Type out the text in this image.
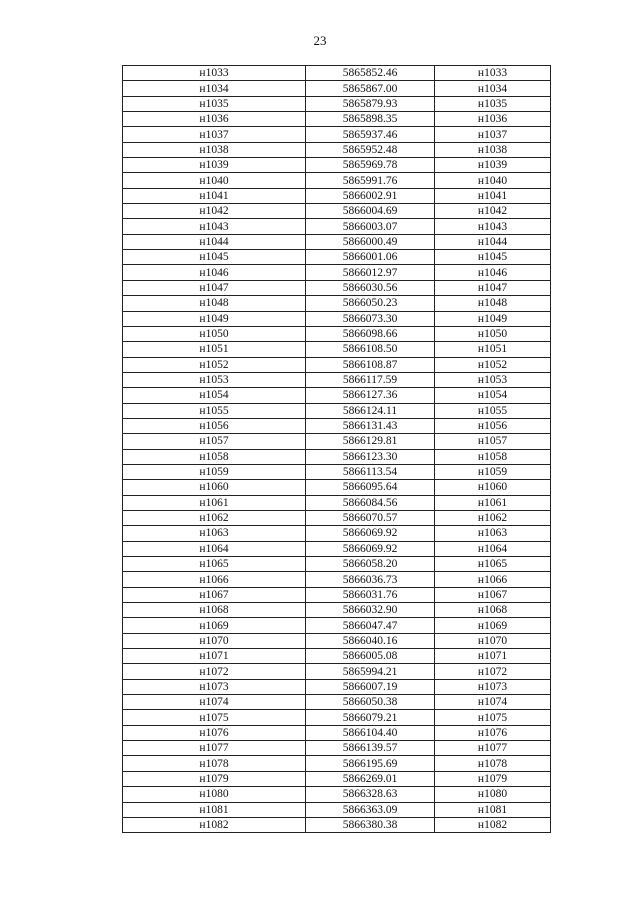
23
н1033	5865852.46	н1033
н1034	5865867.00	н1034
н1035	5865879.93	н1035
н1036	5865898.35	н1036
н1037	5865937.46	н1037
н1038	5865952.48	н1038
н1039	5865969.78	н1039
н1040	5865991.76	н1040
н1041	5866002.91	н1041
н1042	5866004.69	н1042
н1043	5866003.07	н1043
н1044	5866000.49	н1044
н1045	5866001.06	н1045
н1046	5866012.97	н1046
н1047	5866030.56	н1047
н1048	5866050.23	н1048
н1049	5866073.30	н1049
н1050	5866098.66	н1050
н1051	5866108.50	н1051
н1052	5866108.87	н1052
н1053	5866117.59	н1053
н1054	5866127.36	н1054
н1055	5866124.11	н1055
н1056	5866131.43	н1056
н1057	5866129.81	н1057
н1058	5866123.30	н1058
н1059	5866113.54	н1059
н1060	5866095.64	н1060
н1061	5866084.56	н1061
н1062	5866070.57	н1062
н1063	5866069.92	н1063
н1064	5866069.92	н1064
н1065	5866058.20	н1065
н1066	5866036.73	н1066
н1067	5866031.76	н1067
н1068	5866032.90	н1068
н1069	5866047.47	н1069
н1070	5866040.16	н1070
н1071	5866005.08	н1071
н1072	5865994.21	н1072
н1073	5866007.19	н1073
н1074	5866050.38	н1074
н1075	5866079.21	н1075
н1076	5866104.40	н1076
н1077	5866139.57	н1077
н1078	5866195.69	н1078
н1079	5866269.01	н1079
н1080	5866328.63	н1080
н1081	5866363.09	н1081
н1082	5866380.38	н1082
